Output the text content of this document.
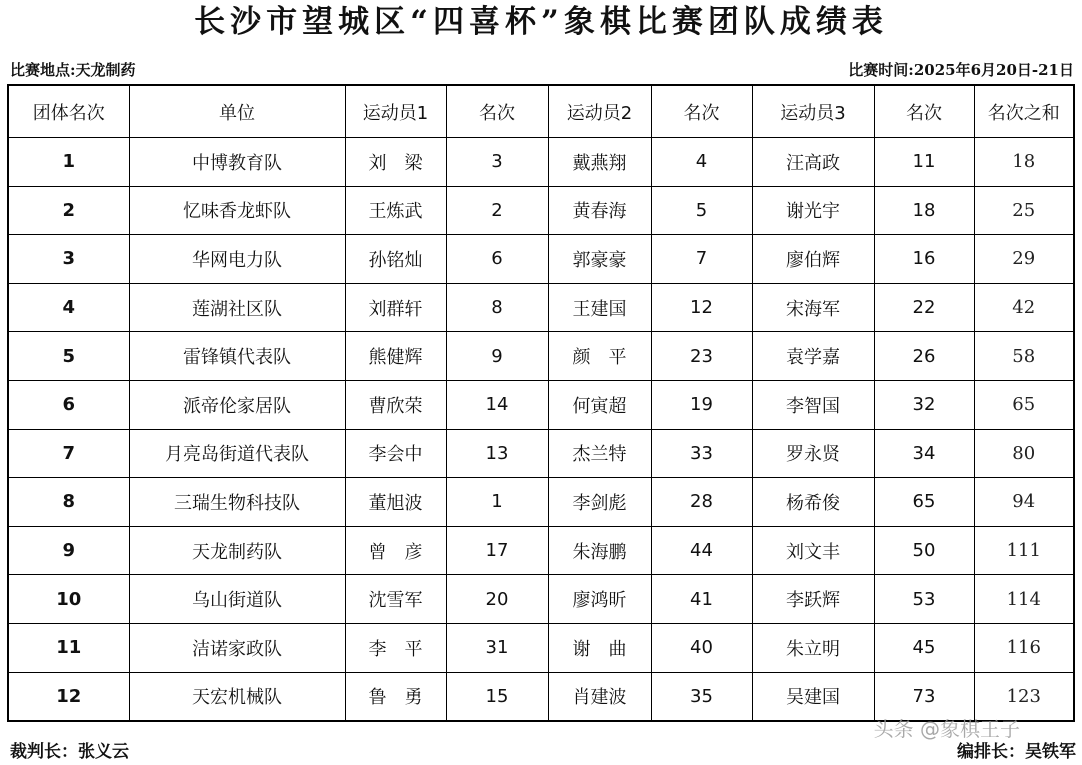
长沙市望城区“四喜杯”象棋比赛团队成绩表
比赛地点:天龙制药	比赛时间:2025年6月20日-21日
团体名次	单位	运动员1	名次	运动员2	名次	运动员3	名次	名次之和
1	中博教育队	刘　梁	3	戴燕翔	4	汪高政	11	18
2	忆味香龙虾队	王炼武	2	黄春海	5	谢光宇	18	25
3	华网电力队	孙铭灿	6	郭豪豪	7	廖伯辉	16	29
4	莲湖社区队	刘群轩	8	王建国	12	宋海军	22	42
5	雷锋镇代表队	熊健辉	9	颜　平	23	袁学嘉	26	58
6	派帝伦家居队	曹欣荣	14	何寅超	19	李智国	32	65
7	月亮岛街道代表队	李会中	13	杰兰特	33	罗永贤	34	80
8	三瑞生物科技队	董旭波	1	李剑彪	28	杨希俊	65	94
9	天龙制药队	曾　彦	17	朱海鹏	44	刘文丰	50	111
10	乌山街道队	沈雪军	20	廖鸿昕	41	李跃辉	53	114
11	洁诺家政队	李　平	31	谢　曲	40	朱立明	45	116
12	天宏机械队	鲁　勇	15	肖建波	35	吴建国	73	123
头条 @象棋王子
裁判长：张义云	编排长：吴铁军
